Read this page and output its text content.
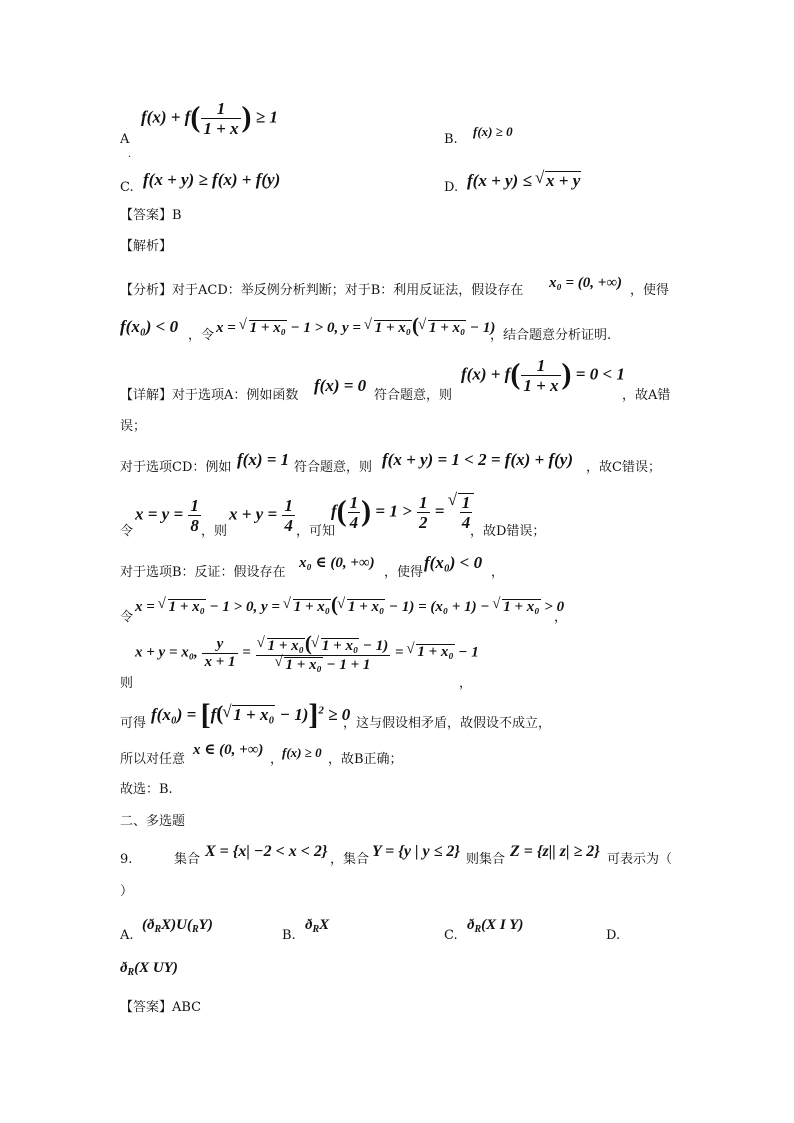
A
.
$f(x) + f( \frac{1}{1 + x}$ ) ≥ 1
B.
f(x) ≥ 0
C. f(x + y) ≥ f(x) + f(y)	D. f(x + y) ≤ √ x + y
【答案】B
【解析】
【分析】对于ACD：举反例分析判断；对于B：利用反证法，假设存在 x₀ = (0, +∞) ，使得
f(x₀) < 0 ，令 x = √ 1 + x₀ − 1 > 0, y = √ 1 + x₀( √ 1 + x₀ − 1)
，结合题意分析证明.
【详解】对于选项A：例如函数
f(x) = 0
符合题意，则
$f(x) + f( \frac{1}{1 + x}$ ) = 0 < 1
，故A错
误；
对于选项CD：例如 f(x) = 1 符合题意，则 f(x + y) = 1 < 2 = f(x) + f(y) ，故C错误；
令
$x = y = \frac{1}{8}$ ，则
$x + y = \frac{1}{4}$ ，可知
$f( \frac{1}{4}$ ) = $1 > \frac{1}{2}$ = √ $\frac{1}{4}$
，故D错误；
对于选项B：反证：假设存在
x₀ ∈ (0, +∞)
，使得
f(x₀) < 0
，
令
x = √ 1 + x₀ − 1 > 0, y = √ 1 + x₀( √ 1 + x₀ − 1) = (x₀ + 1) − √ 1 + x₀ > 0
，
则
x + y = x₀, $\frac{y}{x + 1}$ = √ 1 + x₀( √ 1 + x₀ − 1)
√ 1 + x₀ − 1 + 1 = √ 1 + x₀ − 1
，
可得 f(x₀) = [f( √ 1 + x₀ − 1)]$^2$ ≥ 0
，这与假设相矛盾，故假设不成立，
所以对任意
x ∈ (0, +∞)
，
f(x) ≥ 0 ，故B正确；
故选：B.
二、多选题
9.	集合 X = {x| −2 < x < 2} ，集合 Y = {y | y ≤ 2} 则集合 Z = {z|| z| ≥ 2} 可表示为（
）
A.
$(ð_RX)U(_RY)$
B.
$ð_RX$
C.
$ð_R(X$ I Y)
D.
$ð_R(X$ UY)
【答案】ABC
